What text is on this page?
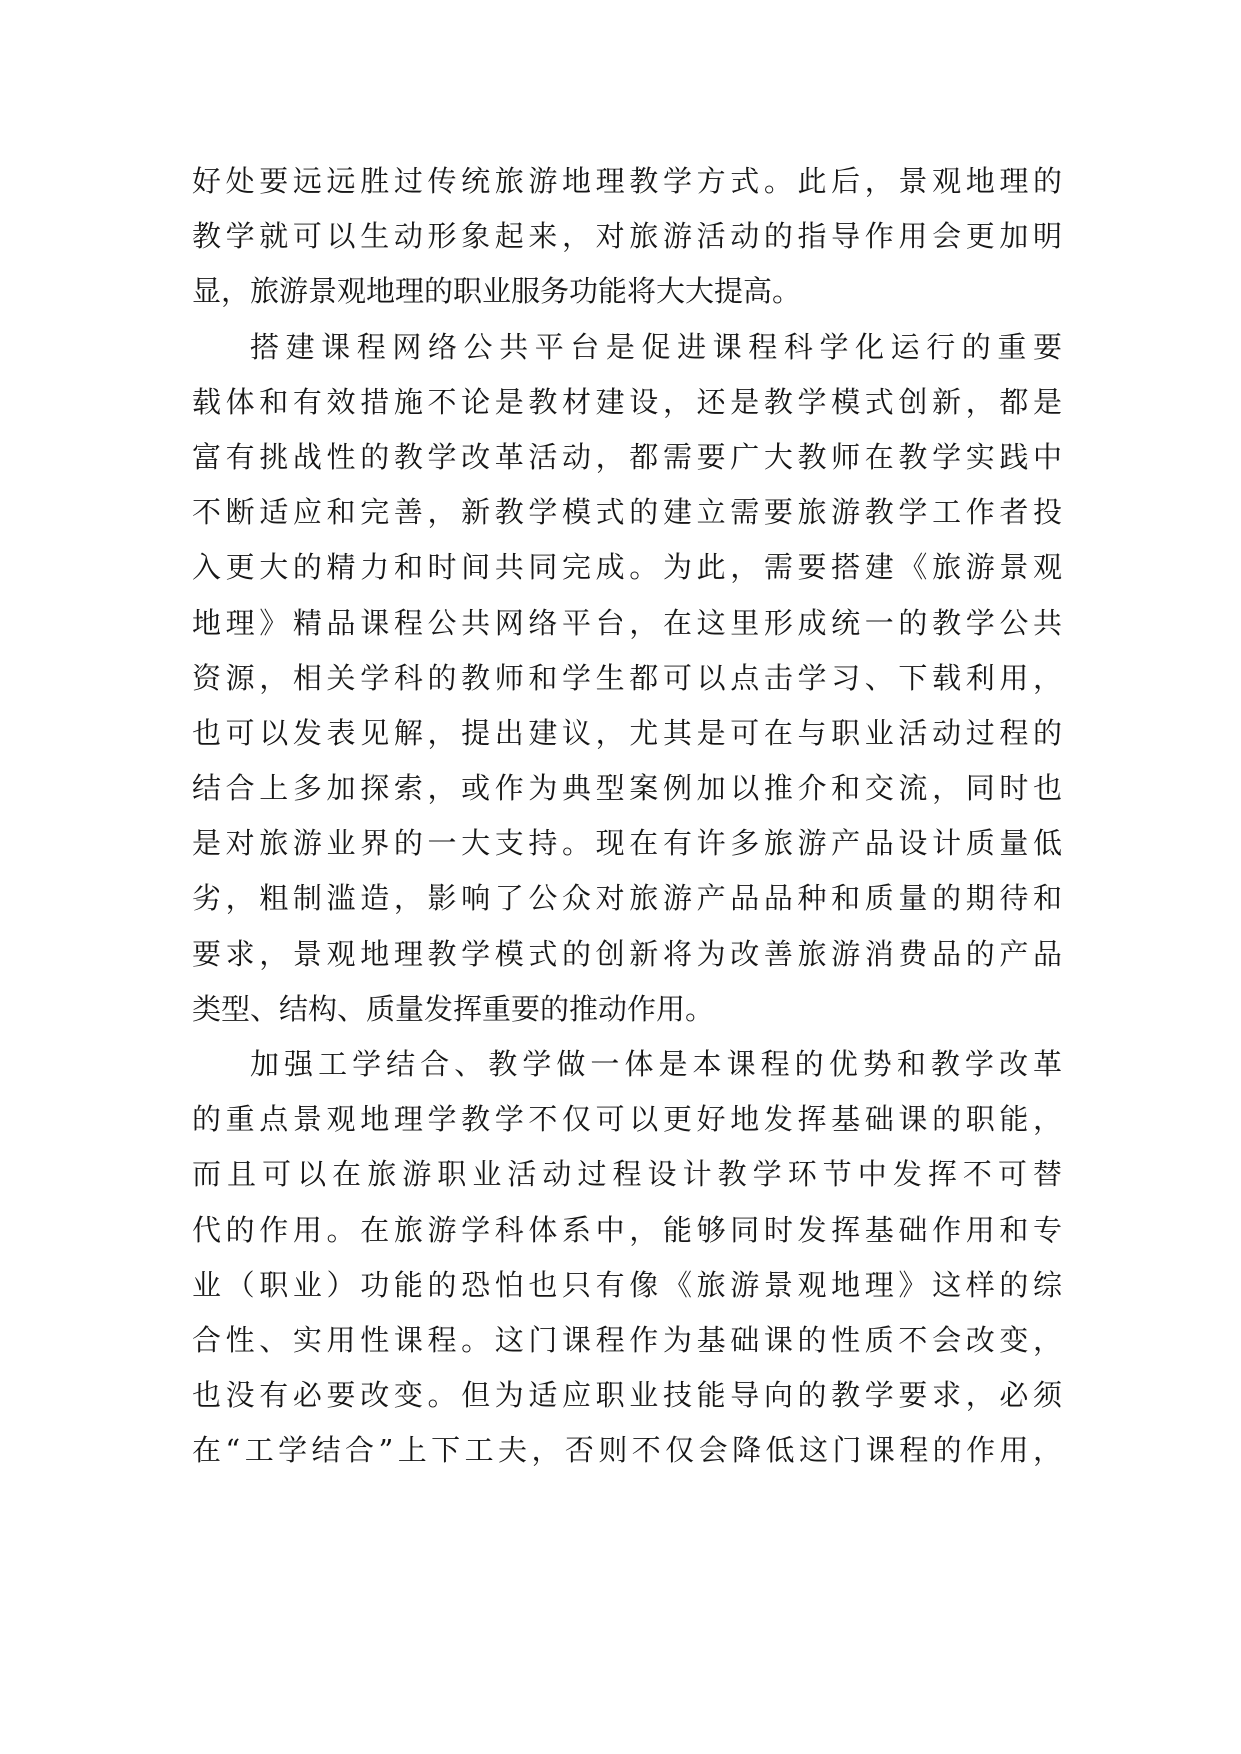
好处要远远胜过传统旅游地理教学方式。此后，景观地理的
教学就可以生动形象起来，对旅游活动的指导作用会更加明
显，旅游景观地理的职业服务功能将大大提高。
搭建课程网络公共平台是促进课程科学化运行的重要
载体和有效措施不论是教材建设，还是教学模式创新，都是
富有挑战性的教学改革活动，都需要广大教师在教学实践中
不断适应和完善，新教学模式的建立需要旅游教学工作者投
入更大的精力和时间共同完成。为此，需要搭建《旅游景观
地理》精品课程公共网络平台，在这里形成统一的教学公共
资源，相关学科的教师和学生都可以点击学习、下载利用，
也可以发表见解，提出建议，尤其是可在与职业活动过程的
结合上多加探索，或作为典型案例加以推介和交流，同时也
是对旅游业界的一大支持。现在有许多旅游产品设计质量低
劣，粗制滥造，影响了公众对旅游产品品种和质量的期待和
要求，景观地理教学模式的创新将为改善旅游消费品的产品
类型、结构、质量发挥重要的推动作用。
加强工学结合、教学做一体是本课程的优势和教学改革
的重点景观地理学教学不仅可以更好地发挥基础课的职能，
而且可以在旅游职业活动过程设计教学环节中发挥不可替
代的作用。在旅游学科体系中，能够同时发挥基础作用和专
业（职业）功能的恐怕也只有像《旅游景观地理》这样的综
合性、实用性课程。这门课程作为基础课的性质不会改变，
也没有必要改变。但为适应职业技能导向的教学要求，必须
在“工学结合”上下工夫，否则不仅会降低这门课程的作用，
